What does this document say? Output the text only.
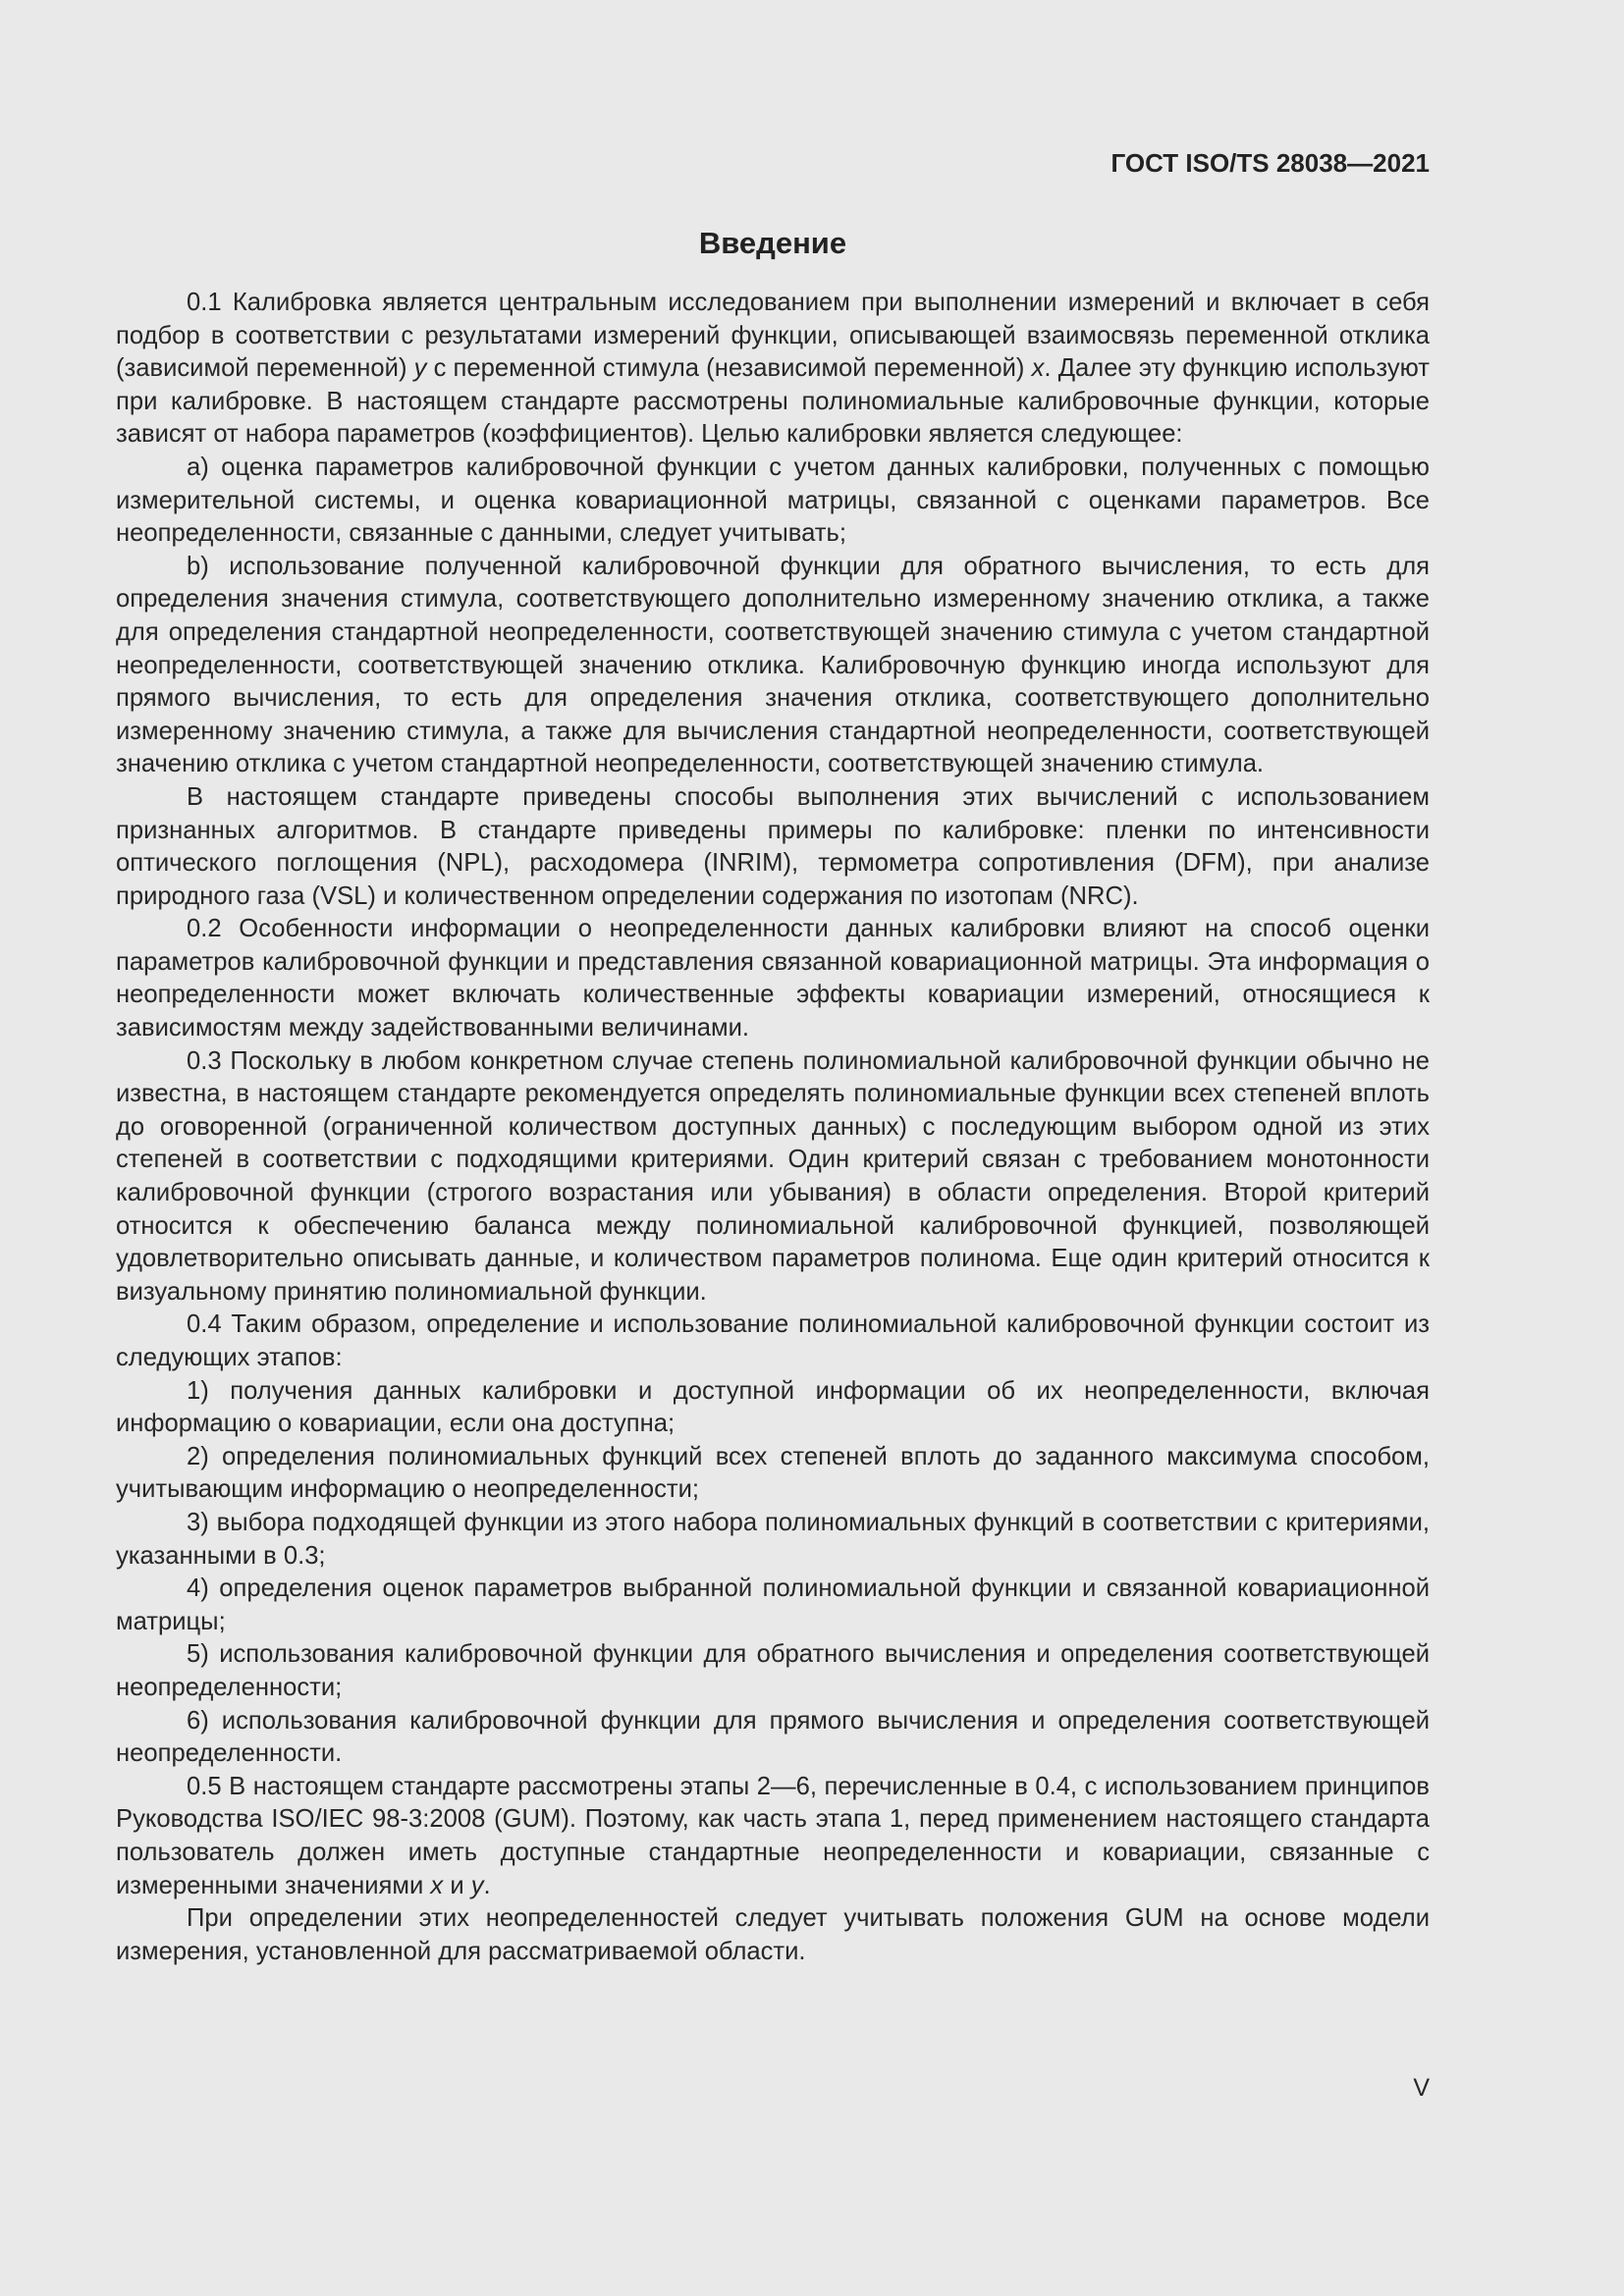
ГОСТ ISO/TS 28038—2021
Введение

0.1 Калибровка является центральным исследованием при выполнении измерений и включает в себя подбор в соответствии с результатами измерений функции, описывающей взаимосвязь переменной отклика (зависимой переменной) y с переменной стимула (независимой переменной) x. Далее эту функцию используют при калибровке. В настоящем стандарте рассмотрены полиномиальные калибровочные функции, которые зависят от набора параметров (коэффициентов). Целью калибровки является следующее:

a) оценка параметров калибровочной функции с учетом данных калибровки, полученных с помощью измерительной системы, и оценка ковариационной матрицы, связанной с оценками параметров. Все неопределенности, связанные с данными, следует учитывать;

b) использование полученной калибровочной функции для обратного вычисления, то есть для определения значения стимула, соответствующего дополнительно измеренному значению отклика, а также для определения стандартной неопределенности, соответствующей значению стимула с учетом стандартной неопределенности, соответствующей значению отклика. Калибровочную функцию иногда используют для прямого вычисления, то есть для определения значения отклика, соответствующего дополнительно измеренному значению стимула, а также для вычисления стандартной неопределенности, соответствующей значению отклика с учетом стандартной неопределенности, соответствующей значению стимула.

В настоящем стандарте приведены способы выполнения этих вычислений с использованием признанных алгоритмов. В стандарте приведены примеры по калибровке: пленки по интенсивности оптического поглощения (NPL), расходомера (INRIM), термометра сопротивления (DFM), при анализе природного газа (VSL) и количественном определении содержания по изотопам (NRC).

0.2 Особенности информации о неопределенности данных калибровки влияют на способ оценки параметров калибровочной функции и представления связанной ковариационной матрицы. Эта информация о неопределенности может включать количественные эффекты ковариации измерений, относящиеся к зависимостям между задействованными величинами.

0.3 Поскольку в любом конкретном случае степень полиномиальной калибровочной функции обычно не известна, в настоящем стандарте рекомендуется определять полиномиальные функции всех степеней вплоть до оговоренной (ограниченной количеством доступных данных) с последующим выбором одной из этих степеней в соответствии с подходящими критериями. Один критерий связан с требованием монотонности калибровочной функции (строгого возрастания или убывания) в области определения. Второй критерий относится к обеспечению баланса между полиномиальной калибровочной функцией, позволяющей удовлетворительно описывать данные, и количеством параметров полинома. Еще один критерий относится к визуальному принятию полиномиальной функции.

0.4 Таким образом, определение и использование полиномиальной калибровочной функции состоит из следующих этапов:

1) получения данных калибровки и доступной информации об их неопределенности, включая информацию о ковариации, если она доступна;

2) определения полиномиальных функций всех степеней вплоть до заданного максимума способом, учитывающим информацию о неопределенности;

3) выбора подходящей функции из этого набора полиномиальных функций в соответствии с критериями, указанными в 0.3;

4) определения оценок параметров выбранной полиномиальной функции и связанной ковариационной матрицы;

5) использования калибровочной функции для обратного вычисления и определения соответствующей неопределенности;

6) использования калибровочной функции для прямого вычисления и определения соответствующей неопределенности.

0.5 В настоящем стандарте рассмотрены этапы 2—6, перечисленные в 0.4, с использованием принципов Руководства ISO/IEC 98-3:2008 (GUM). Поэтому, как часть этапа 1, перед применением настоящего стандарта пользователь должен иметь доступные стандартные неопределенности и ковариации, связанные с измеренными значениями x и y.

При определении этих неопределенностей следует учитывать положения GUM на основе модели измерения, установленной для рассматриваемой области.

V
